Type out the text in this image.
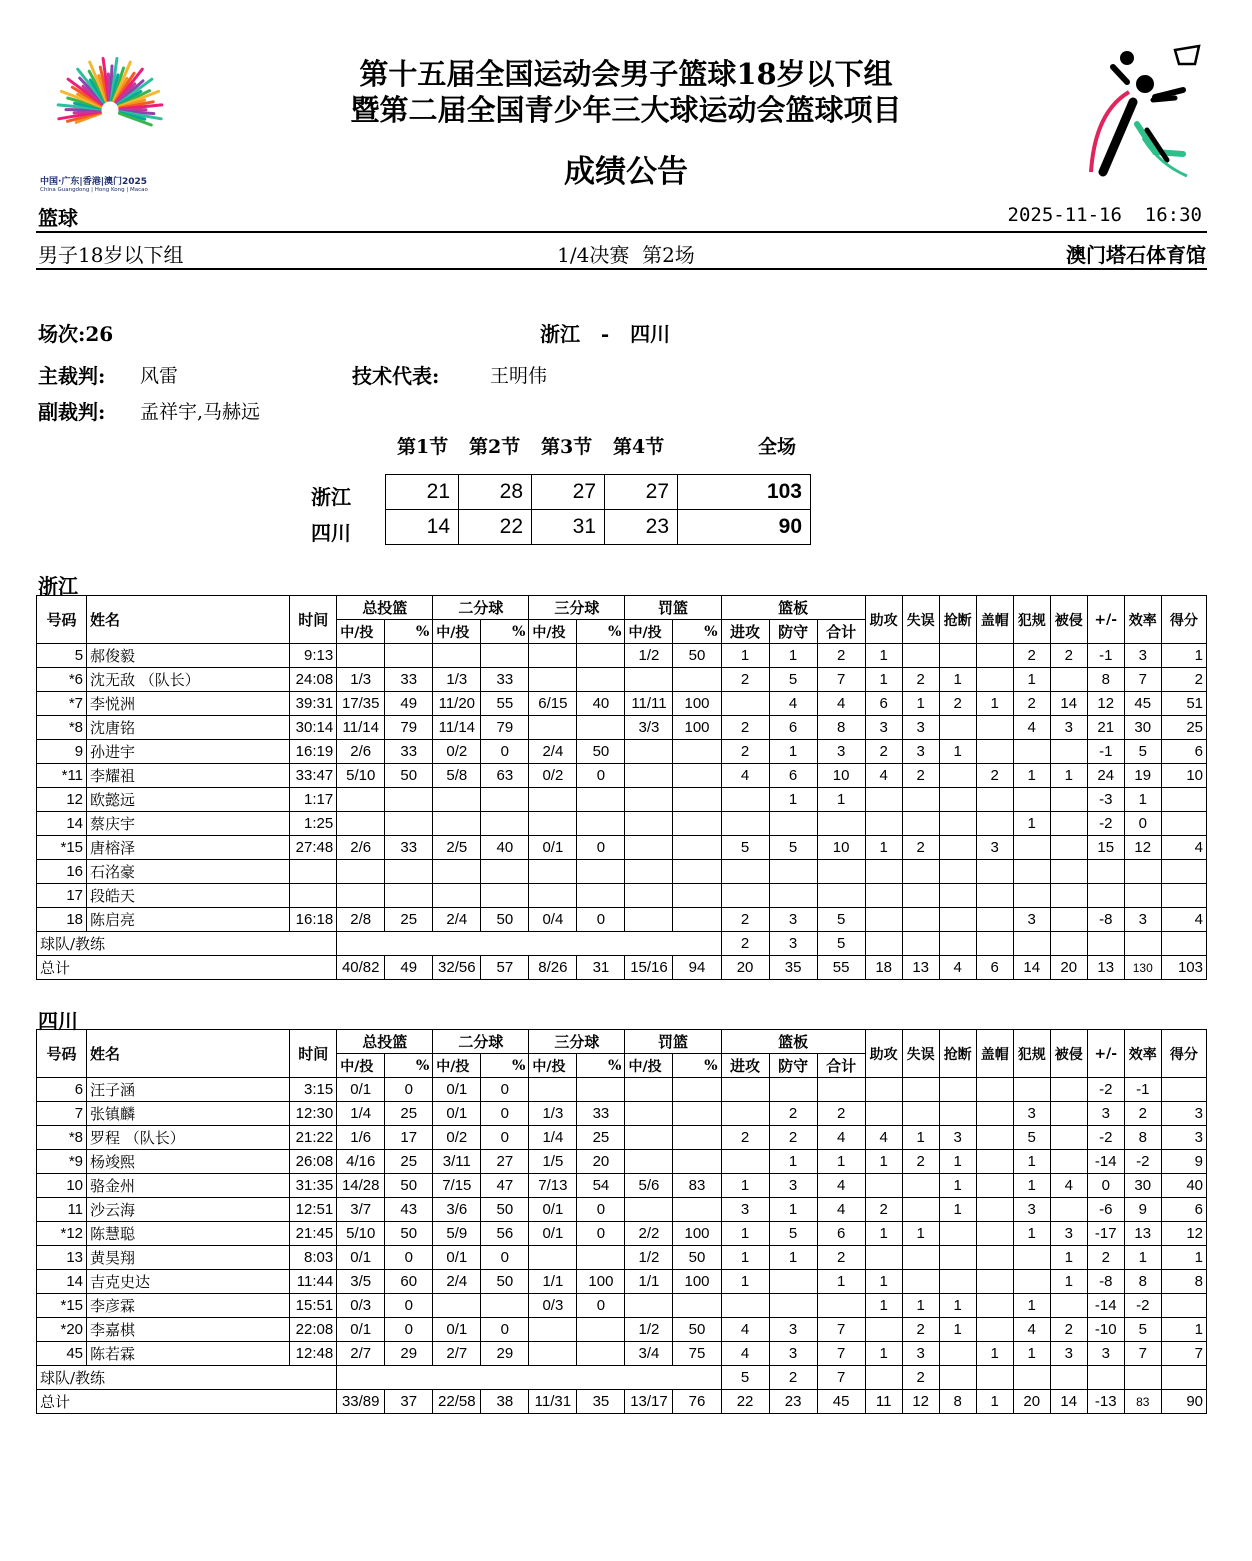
中国·广东|香港|澳门2025
China Guangdong | Hong Kong | Macao
第十五届全国运动会男子篮球18岁以下组
暨第二届全国青少年三大球运动会篮球项目
成绩公告
篮球	2025-11-16  16:30
男子18岁以下组	1/4决赛  第2场	澳门塔石体育馆
场次:26	浙江   -   四川
主裁判: 风雷	技术代表:	王明伟
副裁判: 孟祥宇,马赫远
第1节 第2节 第3节 第4节	全场
浙江
四川
21	28	27	27	103
14	22	31	23	90
浙江
号码	姓名	时间	总投篮		二分球		三分球		罚篮		篮板			助攻	失误	抢断	盖帽	犯规	被侵	+/-	效率	得分
			中/投	%	中/投	%	中/投	%	中/投	%	进攻	防守	合计									
5	郝俊毅	9:13							1/2	50	1	1	2	1				2	2	-1	3	1
*6	沈无敌 （队长）	24:08	1/3	33	1/3	33					2	5	7	1	2	1		1		8	7	2
*7	李悦洲	39:31	17/35	49	11/20	55	6/15	40	11/11	100		4	4	6	1	2	1	2	14	12	45	51
*8	沈唐铭	30:14	11/14	79	11/14	79			3/3	100	2	6	8	3	3			4	3	21	30	25
9	孙进宇	16:19	2/6	33	0/2	0	2/4	50			2	1	3	2	3	1				-1	5	6
*11	李耀祖	33:47	5/10	50	5/8	63	0/2	0			4	6	10	4	2		2	1	1	24	19	10
12	欧懿远	1:17										1	1							-3	1	
14	蔡庆宇	1:25																1		-2	0	
*15	唐榕泽	27:48	2/6	33	2/5	40	0/1	0			5	5	10	1	2		3			15	12	4
16	石洺豪																					
17	段皓天																					
18	陈启亮	16:18	2/8	25	2/4	50	0/4	0			2	3	5					3		-8	3	4
球队/教练											2	3	5									
总计			40/82	49	32/56	57	8/26	31	15/16	94	20	35	55	18	13	4	6	14	20	13	130	103
四川
号码	姓名	时间	总投篮		二分球		三分球		罚篮		篮板			助攻	失误	抢断	盖帽	犯规	被侵	+/-	效率	得分
			中/投	%	中/投	%	中/投	%	中/投	%	进攻	防守	合计									
6	汪子涵	3:15	0/1	0	0/1	0														-2	-1	
7	张镇麟	12:30	1/4	25	0/1	0	1/3	33				2	2					3		3	2	3
*8	罗程 （队长）	21:22	1/6	17	0/2	0	1/4	25			2	2	4	4	1	3		5		-2	8	3
*9	杨竣熙	26:08	4/16	25	3/11	27	1/5	20				1	1	1	2	1		1		-14	-2	9
10	骆金州	31:35	14/28	50	7/15	47	7/13	54	5/6	83	1	3	4			1		1	4	0	30	40
11	沙云海	12:51	3/7	43	3/6	50	0/1	0			3	1	4	2		1		3		-6	9	6
*12	陈慧聪	21:45	5/10	50	5/9	56	0/1	0	2/2	100	1	5	6	1	1			1	3	-17	13	12
13	黄昊翔	8:03	0/1	0	0/1	0			1/2	50	1	1	2						1	2	1	1
14	吉克史达	11:44	3/5	60	2/4	50	1/1	100	1/1	100	1		1	1					1	-8	8	8
*15	李彦霖	15:51	0/3	0			0/3	0						1	1	1		1		-14	-2	
*20	李嘉棋	22:08	0/1	0	0/1	0			1/2	50	4	3	7		2	1		4	2	-10	5	1
45	陈若霖	12:48	2/7	29	2/7	29			3/4	75	4	3	7	1	3		1	1	3	3	7	7
球队/教练											5	2	7		2							
总计			33/89	37	22/58	38	11/31	35	13/17	76	22	23	45	11	12	8	1	20	14	-13	83	90
